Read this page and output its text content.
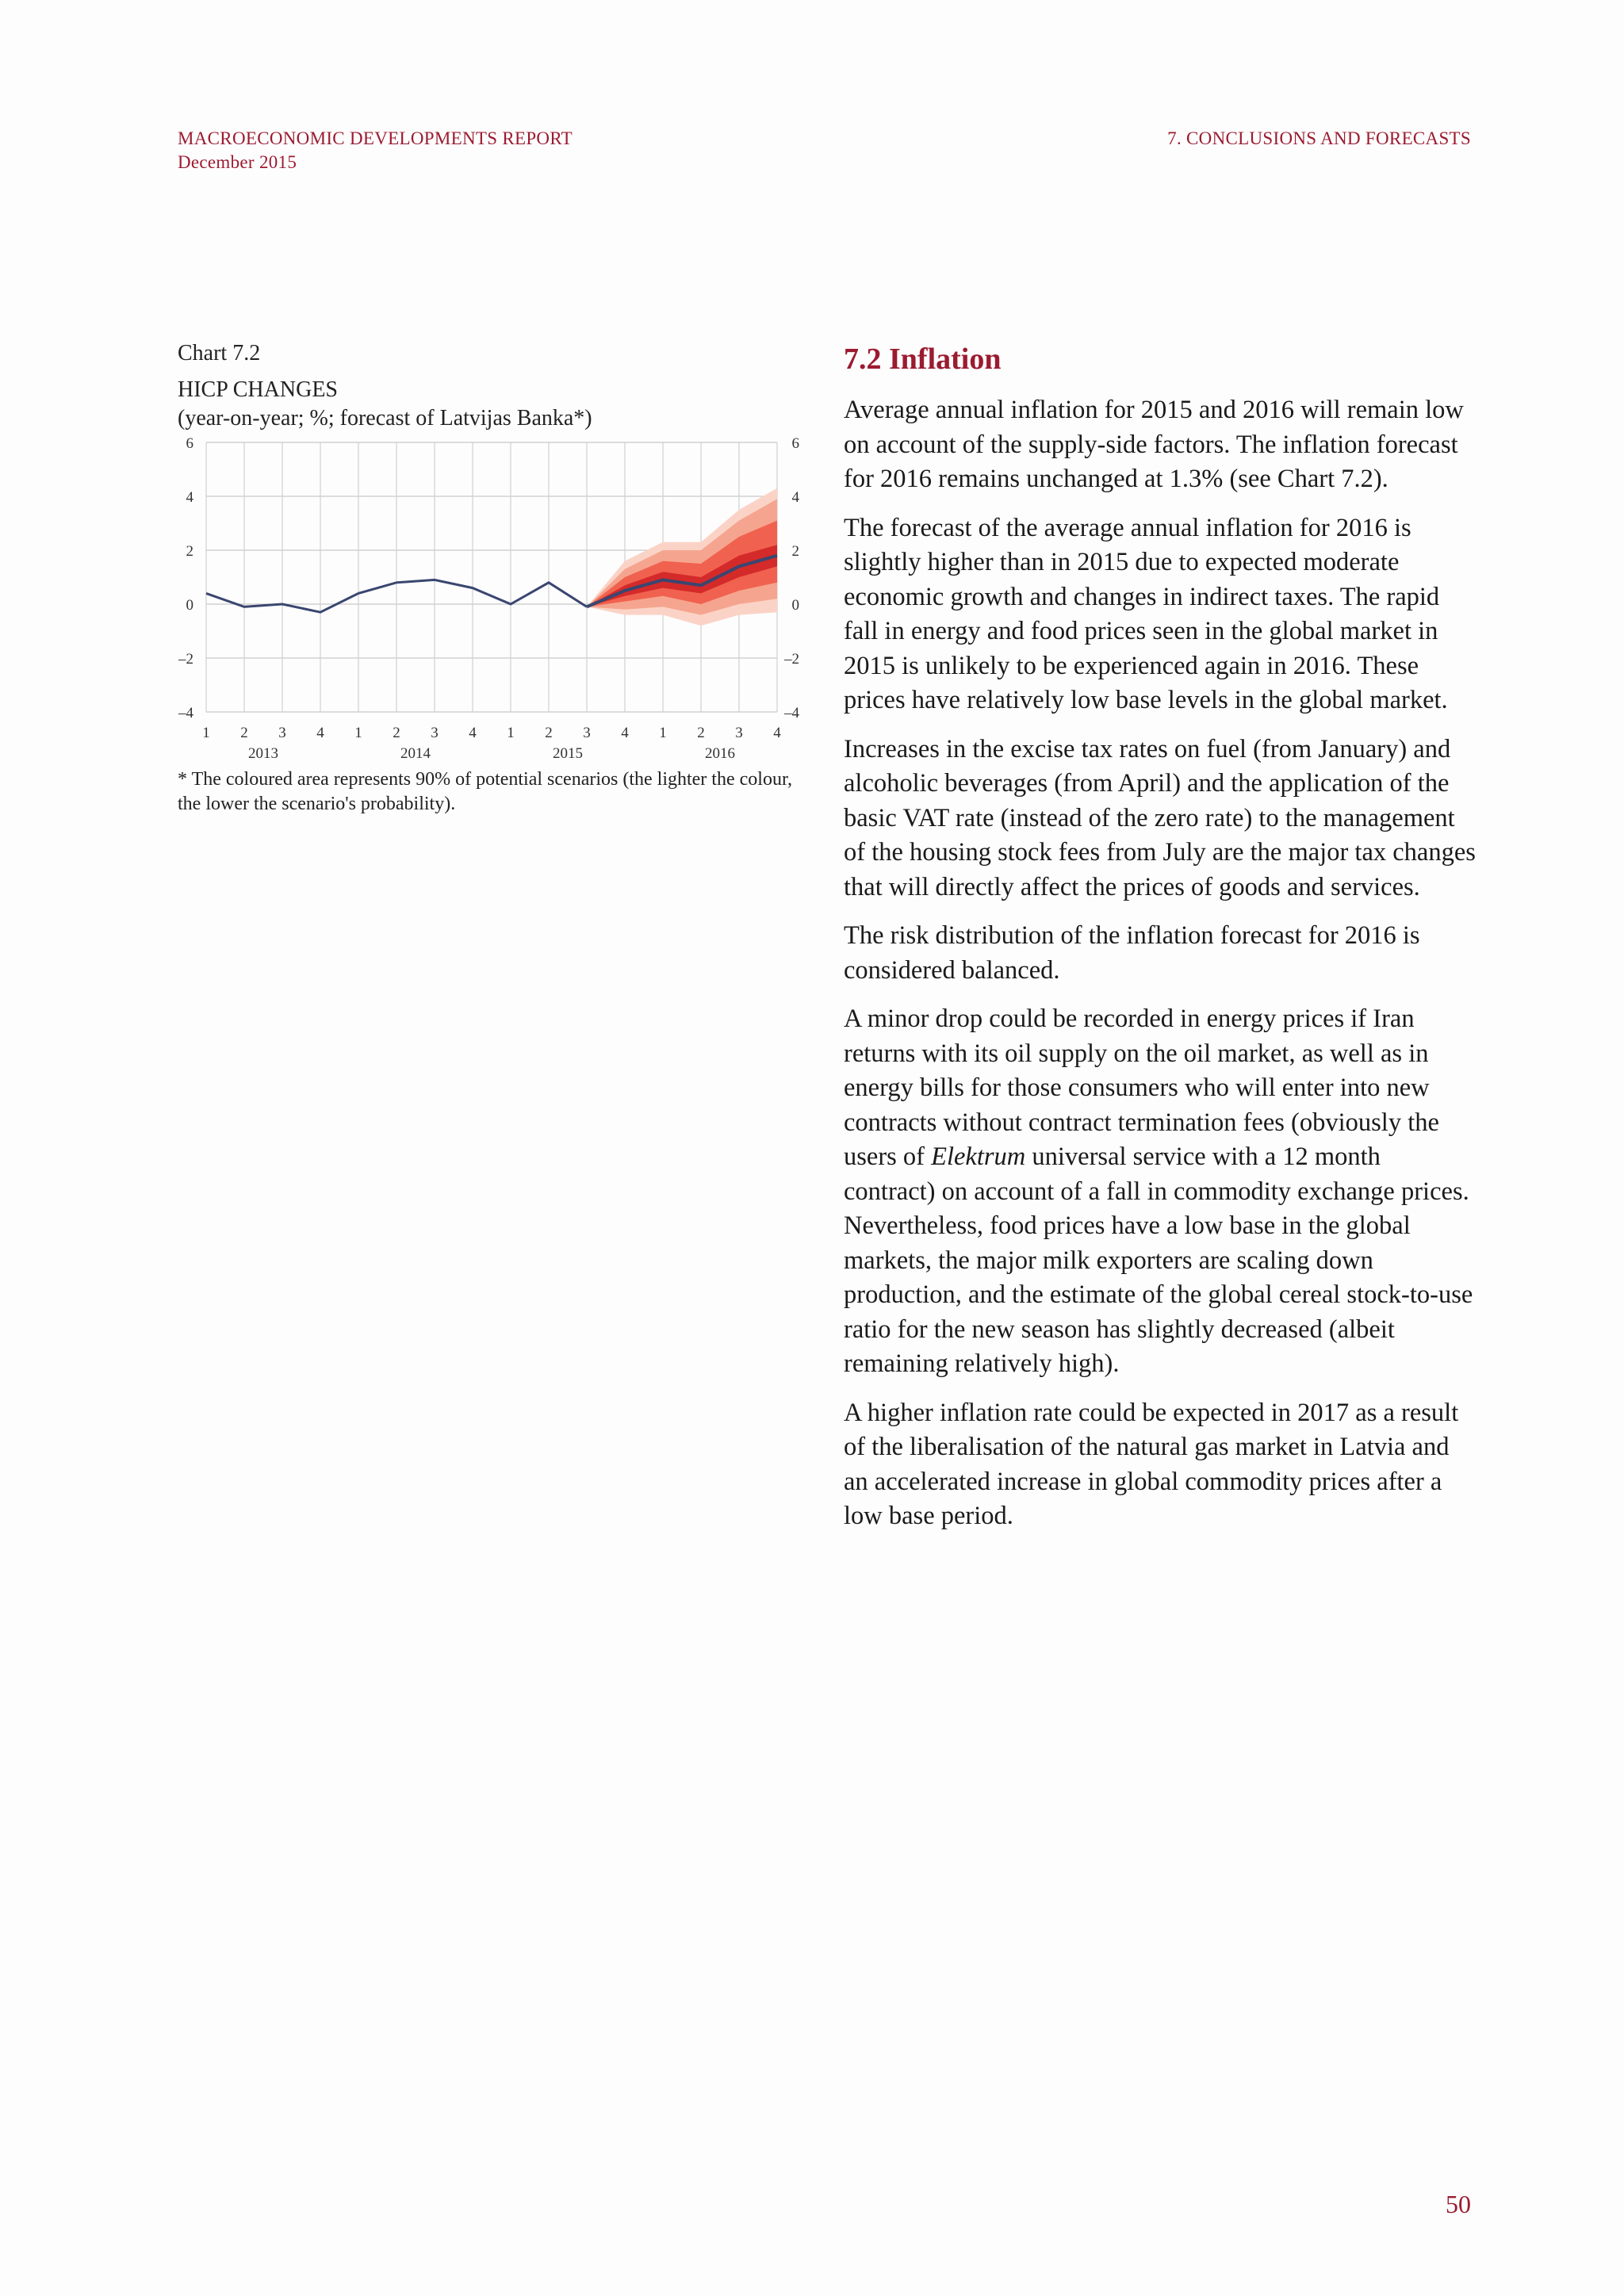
MACROECONOMIC DEVELOPMENTS REPORT
December 2015
7. CONCLUSIONS AND FORECASTS
Chart 7.2
HICP CHANGES
(year-on-year; %; forecast of Latvijas Banka*)
6	6
4	4
2	2
0	0
–2	–2
–4	–4
1 2 3 4 1 2 3 4 1 2 3 4 1 2 3 4
2013	2014	2015	2016
* The coloured area represents 90% of potential scenarios (the lighter the colour, the lower the scenario's probability).
7.2 Inflation

Average annual inflation for 2015 and 2016 will remain low on account of the supply-side factors. The inflation forecast for 2016 remains unchanged at 1.3% (see Chart 7.2).

The forecast of the average annual inflation for 2016 is slightly higher than in 2015 due to expected moderate economic growth and changes in indirect taxes. The rapid fall in energy and food prices seen in the global market in 2015 is unlikely to be experienced again in 2016. These prices have relatively low base levels in the global market.

Increases in the excise tax rates on fuel (from January) and alcoholic beverages (from April) and the application of the basic VAT rate (instead of the zero rate) to the management of the housing stock fees from July are the major tax changes that will directly affect the prices of goods and services.

The risk distribution of the inflation forecast for 2016 is considered balanced.

A minor drop could be recorded in energy prices if Iran returns with its oil supply on the oil market, as well as in energy bills for those consumers who will enter into new contracts without contract termination fees (obviously the users of Elektrum universal service with a 12 month contract) on account of a fall in commodity exchange prices. Nevertheless, food prices have a low base in the global markets, the major milk exporters are scaling down production, and the estimate of the global cereal stock-to-use ratio for the new season has slightly decreased (albeit remaining relatively high).

A higher inflation rate could be expected in 2017 as a result of the liberalisation of the natural gas market in Latvia and an accelerated increase in global commodity prices after a low base period.

50
